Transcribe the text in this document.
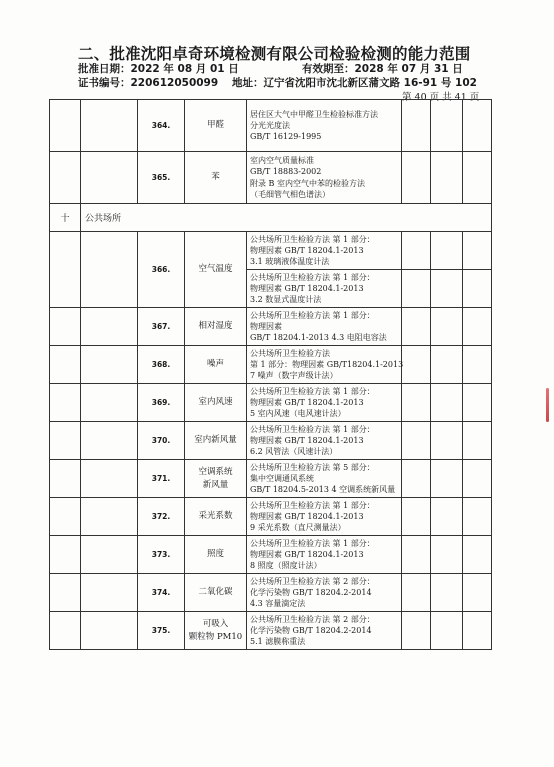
二、批准沈阳卓奇环境检测有限公司检验检测的能力范围
批准日期：2022 年 08 月 01 日	有效期至：2028 年 07 月 31 日
证书编号：220612050099 地址：辽宁省沈阳市沈北新区蒲文路 16-91 号 102
第 40 页 共 41 页
		364.	甲醛	居住区大气中甲醛卫生检验标准方法
分光光度法
GB/T 16129-1995			

		365.	苯	室内空气质量标准
GB/T 18883-2002
附录 B 室内空气中苯的检验方法
（毛细管气相色谱法）			

十	公共场所						
		366.	空气温度	公共场所卫生检验方法 第 1 部分：
物理因素 GB/T 18204.1-2013
3.1 玻璃液体温度计法			

				公共场所卫生检验方法 第 1 部分：
物理因素 GB/T 18204.1-2013
3.2 数显式温度计法			

		367.	相对湿度	公共场所卫生检验方法 第 1 部分：
物理因素
GB/T 18204.1-2013 4.3 电阻电容法			

		368.	噪声	公共场所卫生检验方法
第 1 部分：物理因素 GB/T18204.1-2013
7 噪声（数字声级计法）			

		369.	室内风速	公共场所卫生检验方法 第 1 部分：
物理因素 GB/T 18204.1-2013
5 室内风速（电风速计法）			

		370.	室内新风量	公共场所卫生检验方法 第 1 部分：
物理因素 GB/T 18204.1-2013
6.2 风管法（风速计法）			

		371.	空调系统
新风量	公共场所卫生检验方法 第 5 部分：
集中空调通风系统
GB/T 18204.5-2013 4 空调系统新风量			

		372.	采光系数	公共场所卫生检验方法 第 1 部分：
物理因素 GB/T 18204.1-2013
9 采光系数（直尺测量法）			

		373.	照度	公共场所卫生检验方法 第 1 部分：
物理因素 GB/T 18204.1-2013
8 照度（照度计法）			

		374.	二氧化碳	公共场所卫生检验方法 第 2 部分：
化学污染物 GB/T 18204.2-2014
4.3 容量滴定法			

		375.	可吸入
颗粒物 PM10	公共场所卫生检验方法 第 2 部分：
化学污染物 GB/T 18204.2-2014
5.1 滤膜称重法			
